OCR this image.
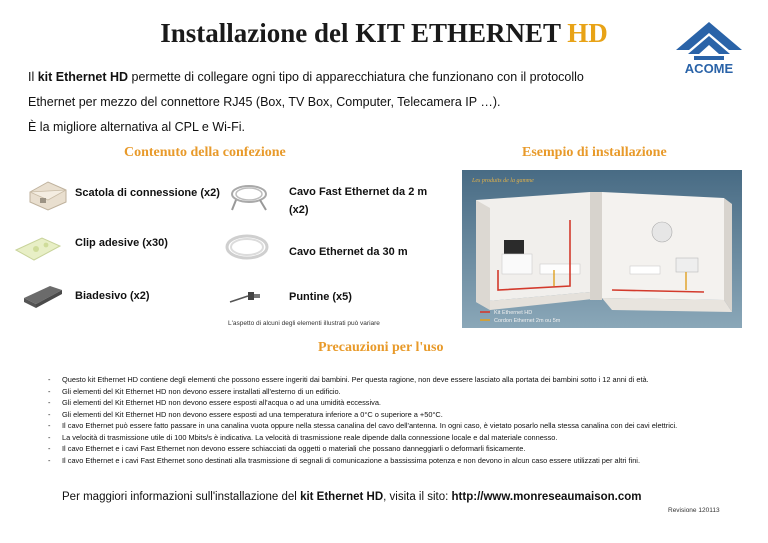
Installazione del KIT ETHERNET HD
ACOME
Il kit Ethernet HD permette di collegare ogni tipo di apparecchiatura che funzionano con il protocollo
Ethernet per mezzo del connettore RJ45 (Box, TV Box, Computer, Telecamera IP …).
È la migliore alternativa al CPL e Wi-Fi.
Contenuto della confezione	Esempio di installazione
Scatola di connessione (x2)
Clip adesive (x30)
Biadesivo (x2)
Cavo Fast Ethernet da 2 m
(x2)
Cavo Ethernet da 30 m
Puntine (x5)
L'aspetto di alcuni degli elementi illustrati può variare
Les produits de la gamme
Kit Ethernet HD
Cordon Ethernet 2m ou 5m
Precauzioni per l'uso
- Questo kit Ethernet HD contiene degli elementi che possono essere ingeriti dai bambini. Per questa ragione, non deve essere lasciato alla portata dei bambini sotto i 12 anni di età.
- Gli elementi del Kit Ethernet HD non devono essere installati all'esterno di un edificio.
- Gli elementi del Kit Ethernet HD non devono essere esposti all'acqua o ad una umidità eccessiva.
- Gli elementi del Kit Ethernet HD non devono essere esposti ad una temperatura inferiore a 0°C o superiore a +50°C.
- Il cavo Ethernet può essere fatto passare in una canalina vuota oppure nella stessa canalina del cavo dell'antenna. In ogni caso, è vietato posarlo nella stessa canalina con dei cavi elettrici.
- La velocità di trasmissione utile di 100 Mbits/s è indicativa. La velocità di trasmissione reale dipende dalla connessione locale e dal materiale connesso.
- Il cavo Ethernet e i cavi Fast Ethernet non devono essere schiacciati da oggetti o materiali che possano danneggiarli o deformarli fisicamente.
- Il cavo Ethernet e i cavi Fast Ethernet sono destinati alla trasmissione di segnali di comunicazione a bassissima potenza e non devono in alcun caso essere utilizzati per altri fini.
Per maggiori informazioni sull'installazione del kit Ethernet HD, visita il sito: http://www.monreseaumaison.com
Revisione 120113
